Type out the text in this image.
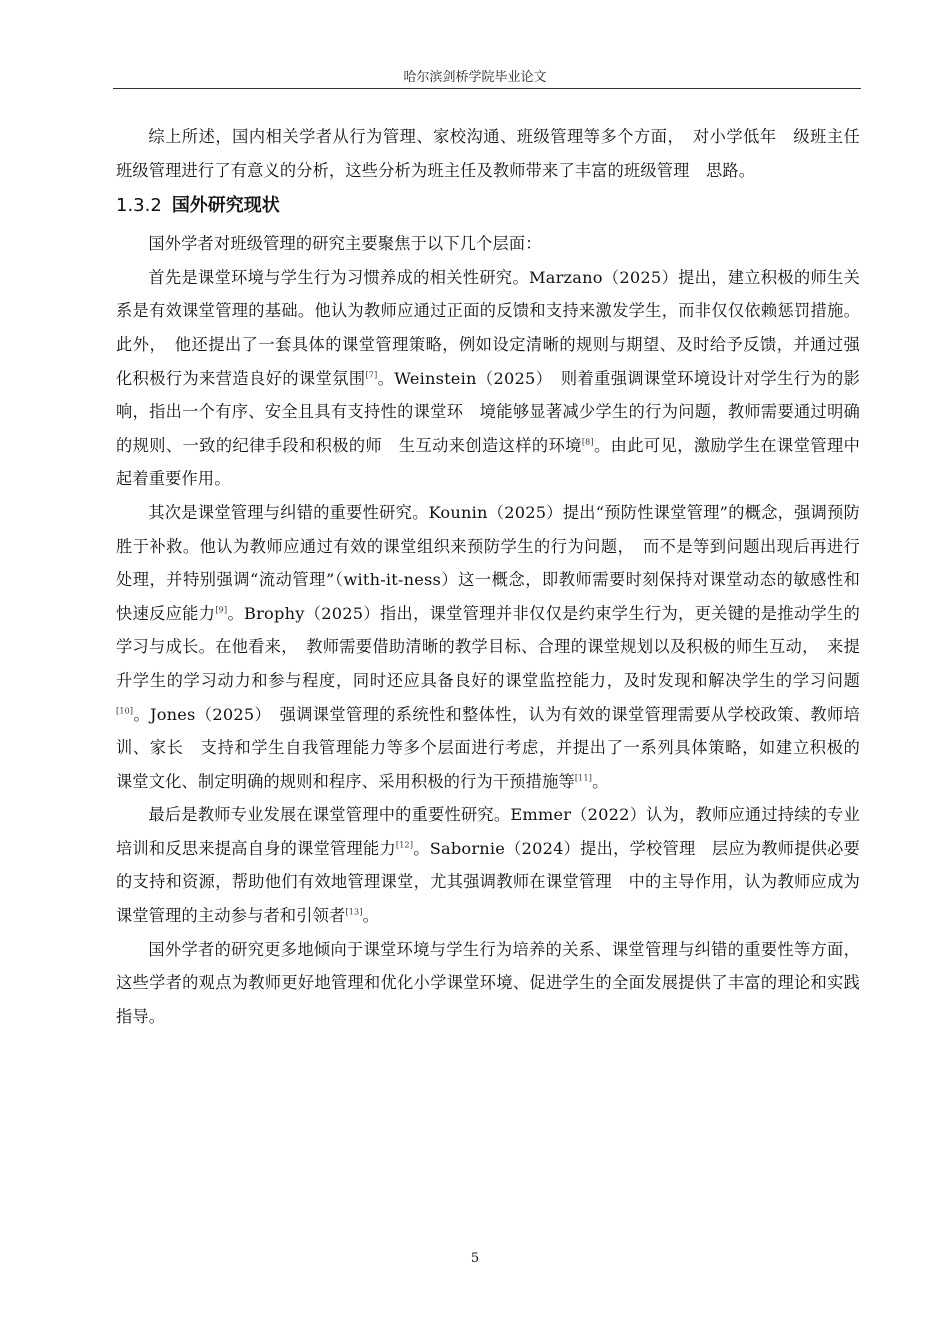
哈尔滨剑桥学院毕业论文

综上所述，国内相关学者从行为管理、家校沟通、班级管理等多个方面，　对小学低年　级班主任班级管理进行了有意义的分析，这些分析为班主任及教师带来了丰富的班级管理　思路。

1.3.2 国外研究现状

国外学者对班级管理的研究主要聚焦于以下几个层面：

首先是课堂环境与学生行为习惯养成的相关性研究。Marzano（2025）提出，建立积极的师生关系是有效课堂管理的基础。他认为教师应通过正面的反馈和支持来激发学生，而非仅仅依赖惩罚措施。此外，　他还提出了一套具体的课堂管理策略，例如设定清晰的规则与期望、及时给予反馈，并通过强化积极行为来营造良好的课堂氛围[7]。Weinstein（2025）　则着重强调课堂环境设计对学生行为的影响，指出一个有序、安全且具有支持性的课堂环　境能够显著减少学生的行为问题，教师需要通过明确的规则、一致的纪律手段和积极的师　生互动来创造这样的环境[8]。由此可见，激励学生在课堂管理中起着重要作用。

其次是课堂管理与纠错的重要性研究。Kounin（2025）提出“预防性课堂管理”的概念，强调预防胜于补救。他认为教师应通过有效的课堂组织来预防学生的行为问题，　而不是等到问题出现后再进行处理，并特别强调“流动管理”（with-it-ness）这一概念，即教师需要时刻保持对课堂动态的敏感性和快速反应能力[9]。Brophy（2025）指出，课堂管理并非仅仅是约束学生行为，更关键的是推动学生的学习与成长。在他看来，　教师需要借助清晰的教学目标、合理的课堂规划以及积极的师生互动，　来提升学生的学习动力和参与程度，同时还应具备良好的课堂监控能力，及时发现和解决学生的学习问题[10]。Jones（2025）　强调课堂管理的系统性和整体性，认为有效的课堂管理需要从学校政策、教师培训、家长　支持和学生自我管理能力等多个层面进行考虑，并提出了一系列具体策略，如建立积极的　课堂文化、制定明确的规则和程序、采用积极的行为干预措施等[11]。

最后是教师专业发展在课堂管理中的重要性研究。Emmer（2022）认为，教师应通过持续的专业培训和反思来提高自身的课堂管理能力[12]。Sabornie（2024）提出，学校管理　层应为教师提供必要的支持和资源，帮助他们有效地管理课堂，尤其强调教师在课堂管理　中的主导作用，认为教师应成为课堂管理的主动参与者和引领者[13]。

国外学者的研究更多地倾向于课堂环境与学生行为培养的关系、课堂管理与纠错的重要性等方面，这些学者的观点为教师更好地管理和优化小学课堂环境、促进学生的全面发展提供了丰富的理论和实践指导。

5
